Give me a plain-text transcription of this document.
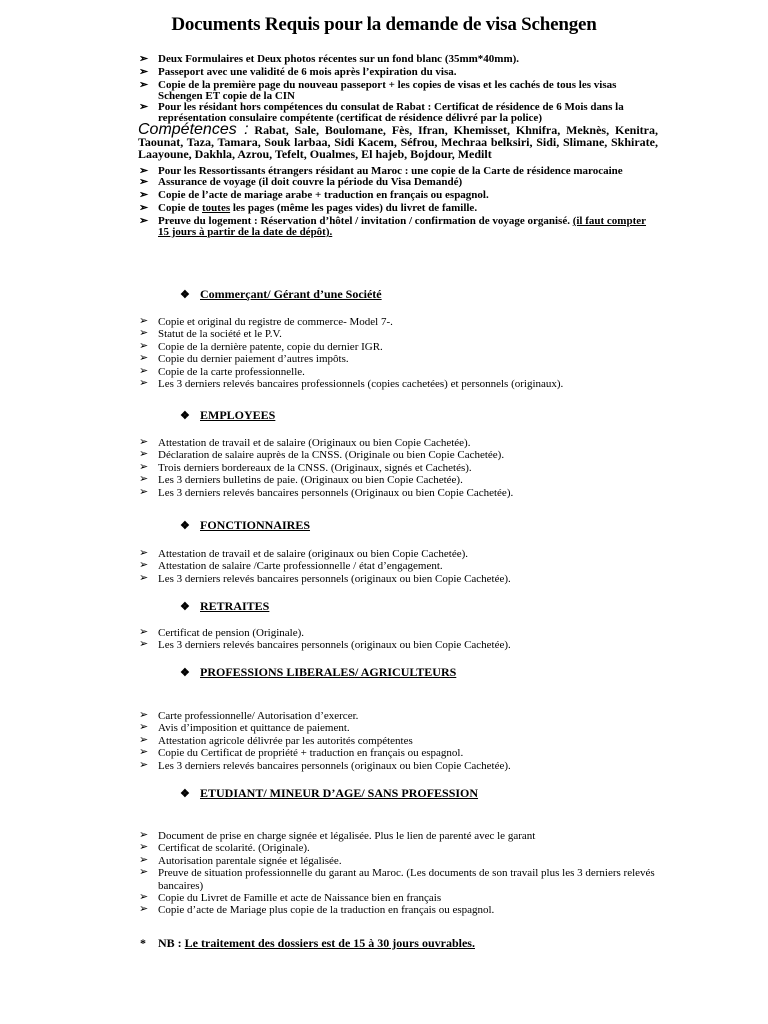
Documents Requis pour la demande de visa Schengen
➢ Deux Formulaires et Deux photos récentes sur un fond blanc (35mm*40mm).
➢ Passeport avec une validité de 6 mois après l’expiration du visa.
➢ Copie de la première page du nouveau passeport + les copies de visas et les cachés de tous les visas Schengen ET copie de la CIN
➢ Pour les résidant hors compétences du consulat de Rabat : Certificat de résidence de 6 Mois dans la représentation consulaire compétente (certificat de résidence délivré par la police)
Compétences : Rabat, Sale, Boulomane, Fès, Ifran, Khemisset, Khnifra, Meknès, Kenitra, Taounat, Taza, Tamara, Souk larbaa, Sidi Kacem, Séfrou, Mechraa belksiri, Sidi, Slimane, Skhirate, Laayoune, Dakhla, Azrou, Tefelt, Oualmes, El hajeb, Bojdour, Medilt
➢ Pour les Ressortissants étrangers résidant au Maroc : une copie de la Carte de résidence marocaine
➢ Assurance de voyage (il doit couvre la période du Visa Demandé)
➢ Copie de l’acte de mariage arabe + traduction en français ou espagnol.
➢ Copie de toutes les pages (même les pages vides) du livret de famille.
➢ Preuve du logement : Réservation d’hôtel / invitation / confirmation de voyage organisé. (il faut compter 15 jours à partir de la date de dépôt).
❖ Commerçant/ Gérant d’une Société
➢ Copie et original du registre de commerce- Model 7-.
➢ Statut de la société et le P.V.
➢ Copie de la dernière patente, copie du dernier IGR.
➢ Copie du dernier paiement d’autres impôts.
➢ Copie de la carte professionnelle.
➢ Les 3 derniers relevés bancaires professionnels (copies cachetées) et personnels (originaux).
❖ EMPLOYEES
➢ Attestation de travail et de salaire (Originaux ou bien Copie Cachetée).
➢ Déclaration de salaire auprès de la CNSS. (Originale ou bien Copie Cachetée).
➢ Trois derniers bordereaux de la CNSS. (Originaux, signés et Cachetés).
➢ Les 3 derniers bulletins de paie. (Originaux ou bien Copie Cachetée).
➢ Les 3 derniers relevés bancaires personnels (Originaux ou bien Copie Cachetée).
❖ FONCTIONNAIRES
➢ Attestation de travail et de salaire (originaux ou bien Copie Cachetée).
➢ Attestation de salaire /Carte professionnelle / état d’engagement.
➢ Les 3 derniers relevés bancaires personnels (originaux ou bien Copie Cachetée).
❖ RETRAITES
➢ Certificat de pension (Originale).
➢ Les 3 derniers relevés bancaires personnels (originaux ou bien Copie Cachetée).
❖ PROFESSIONS LIBERALES/ AGRICULTEURS
➢ Carte professionnelle/ Autorisation d’exercer.
➢ Avis d’imposition et quittance de paiement.
➢ Attestation agricole délivrée par les autorités compétentes
➢ Copie du Certificat de propriété + traduction en français ou espagnol.
➢ Les 3 derniers relevés bancaires personnels (originaux ou bien Copie Cachetée).
❖ ETUDIANT/ MINEUR D’AGE/ SANS PROFESSION
➢ Document de prise en charge signée et légalisée. Plus le lien de parenté avec le garant
➢ Certificat de scolarité. (Originale).
➢ Autorisation parentale signée et légalisée.
➢ Preuve de situation professionnelle du garant au Maroc. (Les documents de son travail plus les 3 derniers relevés bancaires)
➢ Copie du Livret de Famille et acte de Naissance bien en français
➢ Copie d’acte de Mariage plus copie de la traduction en français ou espagnol.
* NB : Le traitement des dossiers est de 15 à 30 jours ouvrables.
